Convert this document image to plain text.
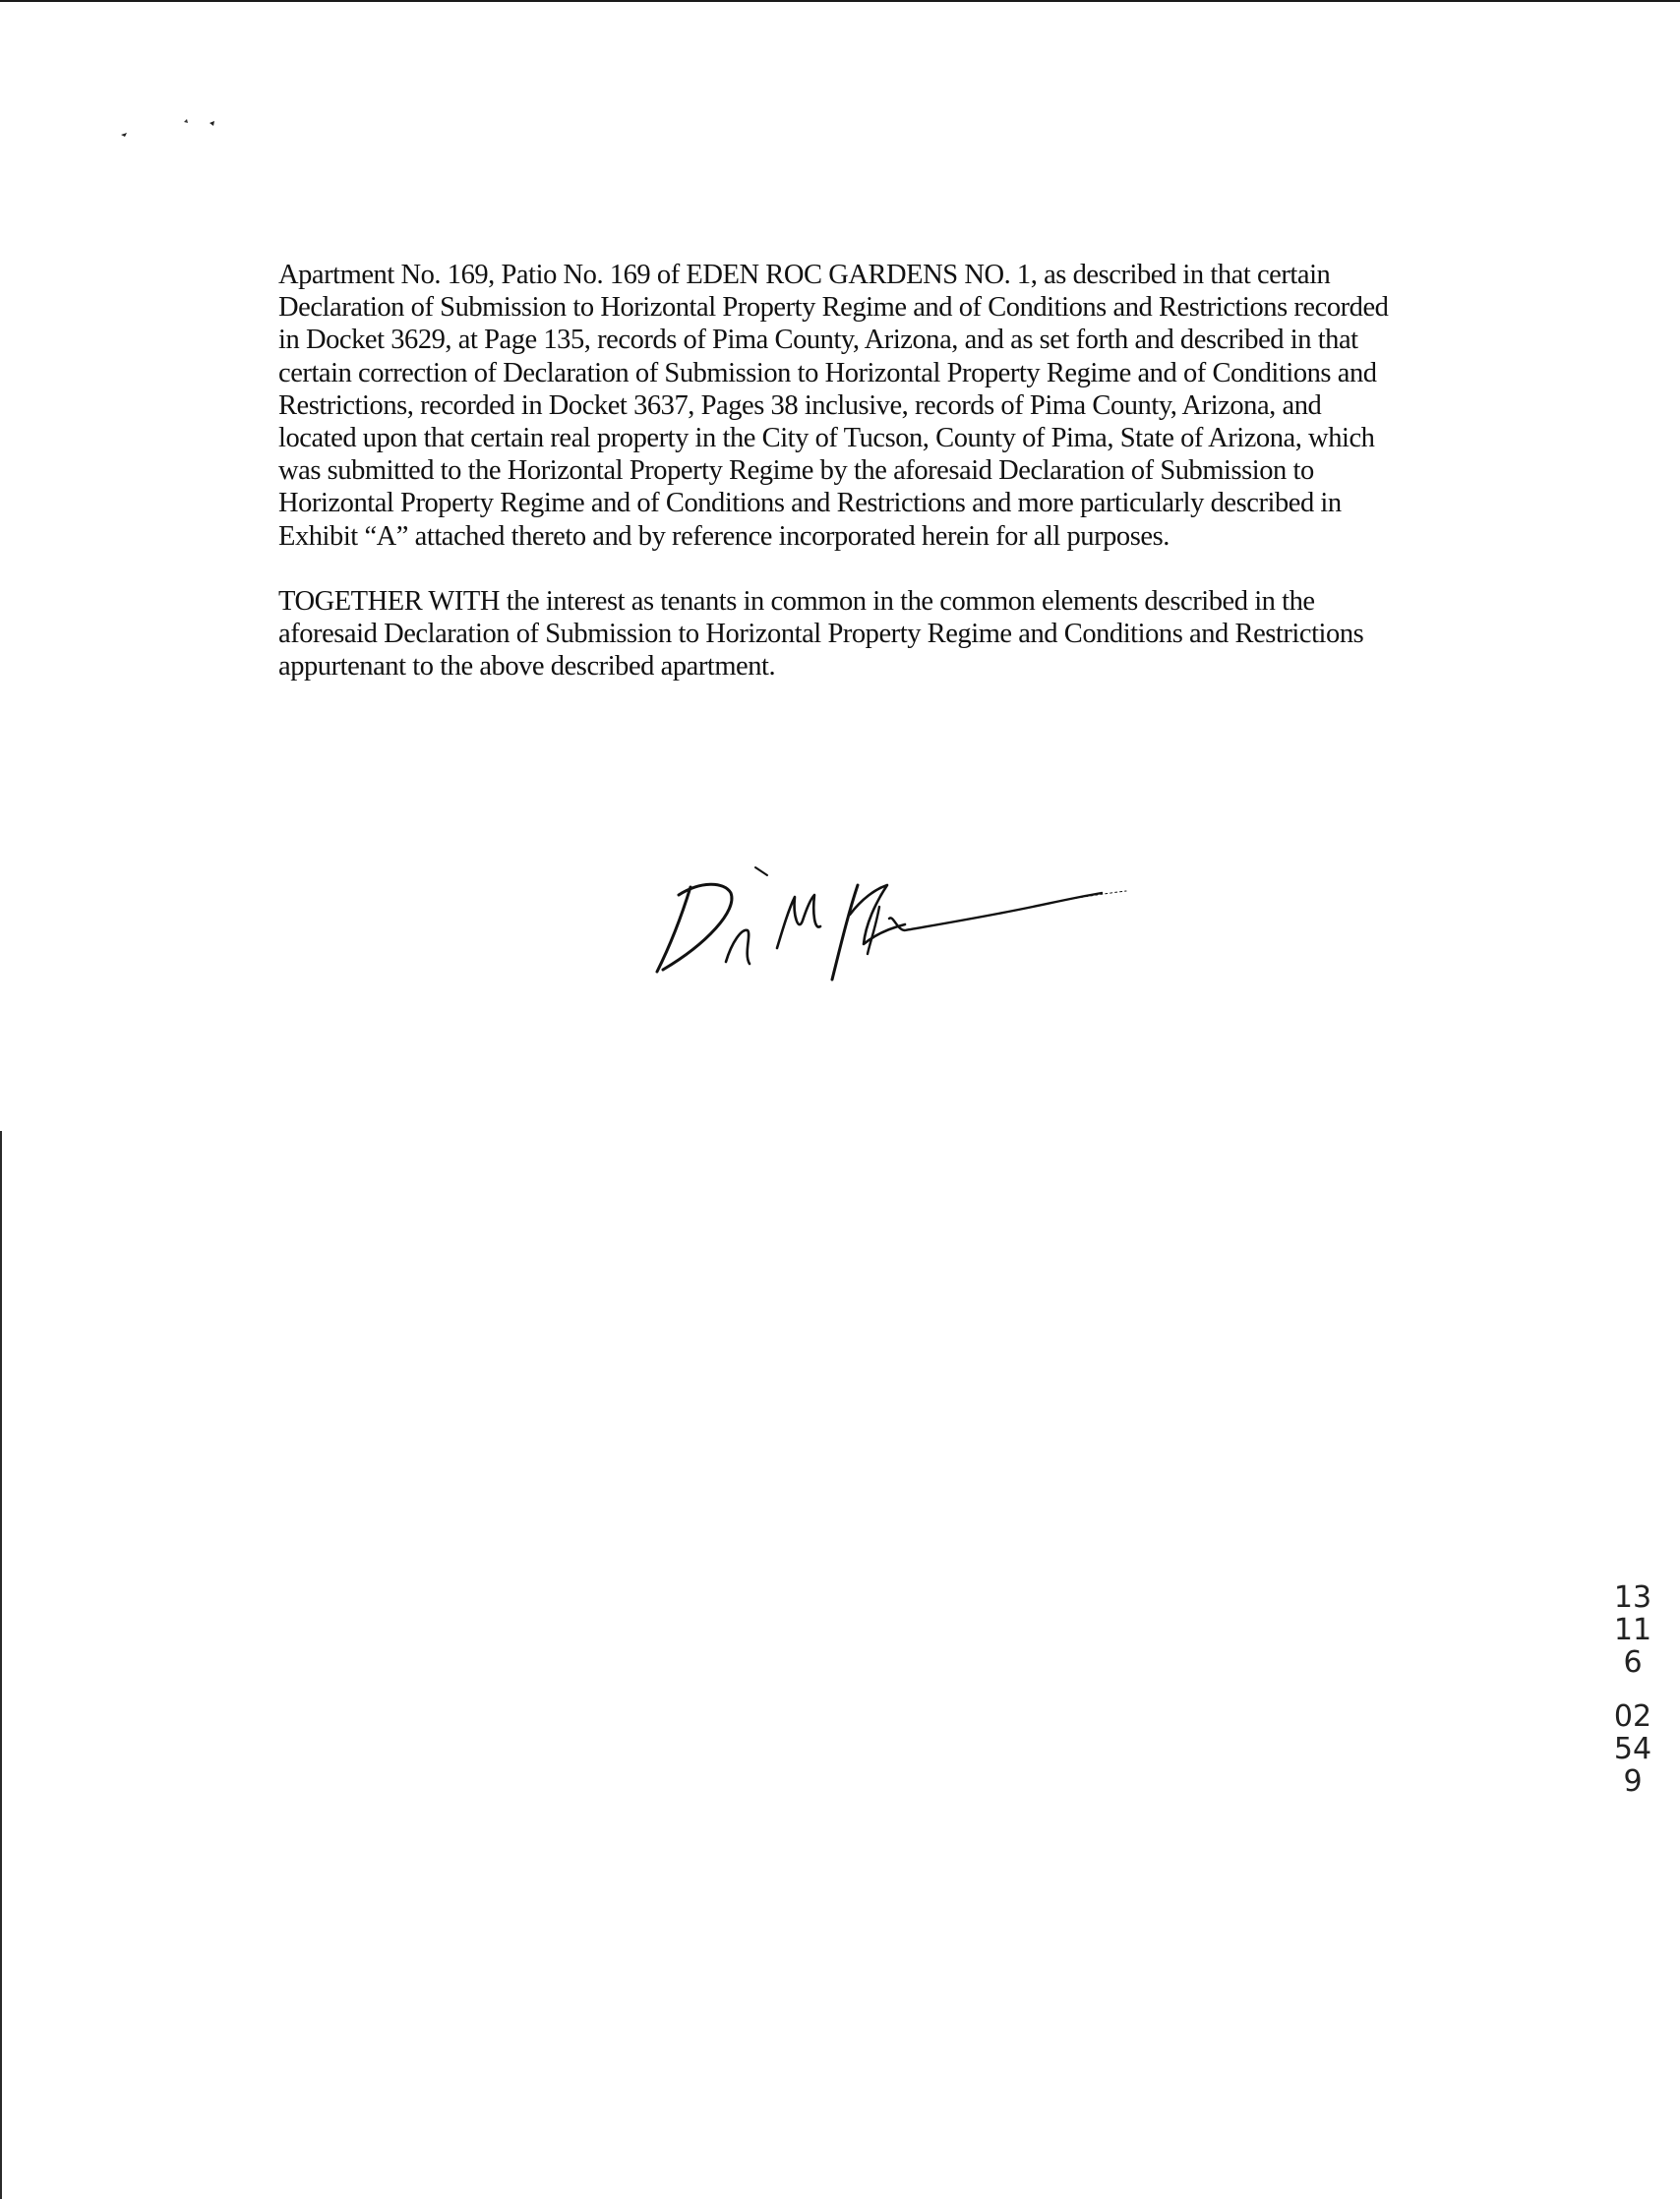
Apartment No. 169, Patio No. 169 of EDEN ROC GARDENS NO. 1, as described in that certain Declaration of Submission to Horizontal Property Regime and of Conditions and Restrictions recorded in Docket 3629, at Page 135, records of Pima County, Arizona, and as set forth and described in that certain correction of Declaration of Submission to Horizontal Property Regime and of Conditions and Restrictions, recorded in Docket 3637, Pages 38 inclusive, records of Pima County, Arizona, and located upon that certain real property in the City of Tucson, County of Pima, State of Arizona, which was submitted to the Horizontal Property Regime by the aforesaid Declaration of Submission to Horizontal Property Regime and of Conditions and Restrictions and more particularly described in Exhibit “A” attached thereto and by reference incorporated herein for all purposes.

TOGETHER WITH the interest as tenants in common in the common elements described in the aforesaid Declaration of Submission to Horizontal Property Regime and Conditions and Restrictions appurtenant to the above described apartment.

13116
02549
